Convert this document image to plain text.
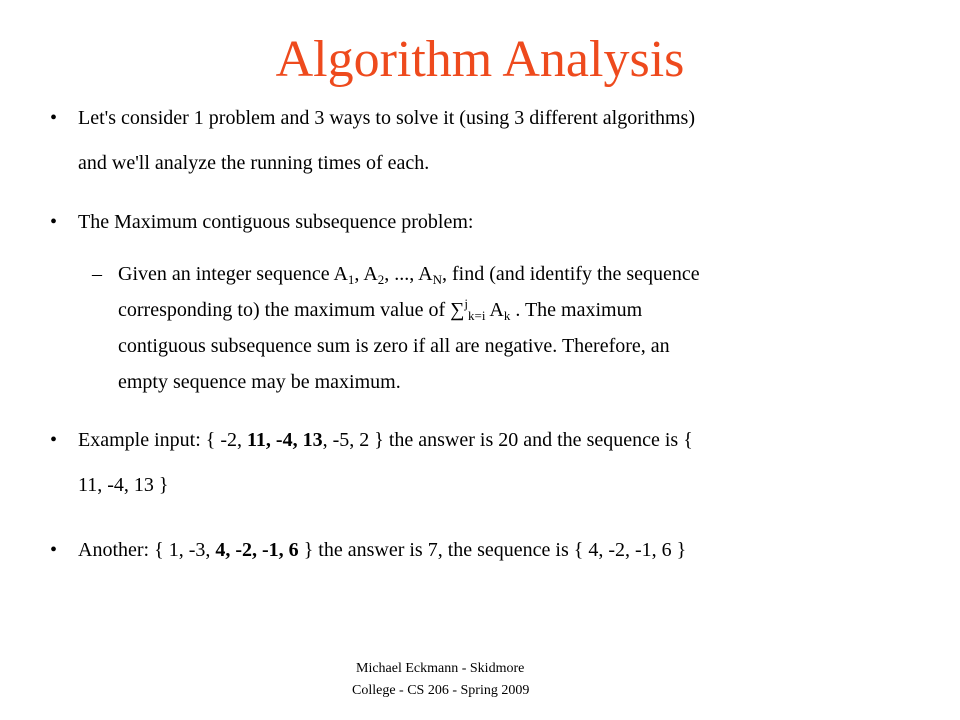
Algorithm Analysis
•	Let's consider 1 problem and 3 ways to solve it (using 3 different algorithms)
and we'll analyze the running times of each.
•	The Maximum contiguous subsequence problem:
– Given an integer sequence $A_1$, $A_2$, ..., $A_N$, find (and identify the sequence
corresponding to) the maximum value of ∑$^j_{k=i}$ $A_k$ . The maximum
contiguous subsequence sum is zero if all are negative. Therefore, an
empty sequence may be maximum.
•	Example input: { -2, 11, -4, 13, -5, 2 } the answer is 20 and the sequence is {
11, -4, 13 }
•	Another: { 1, -3, 4, -2, -1, 6 } the answer is 7, the sequence is { 4, -2, -1, 6 }
Michael Eckmann - Skidmore
College - CS 206 - Spring 2009
